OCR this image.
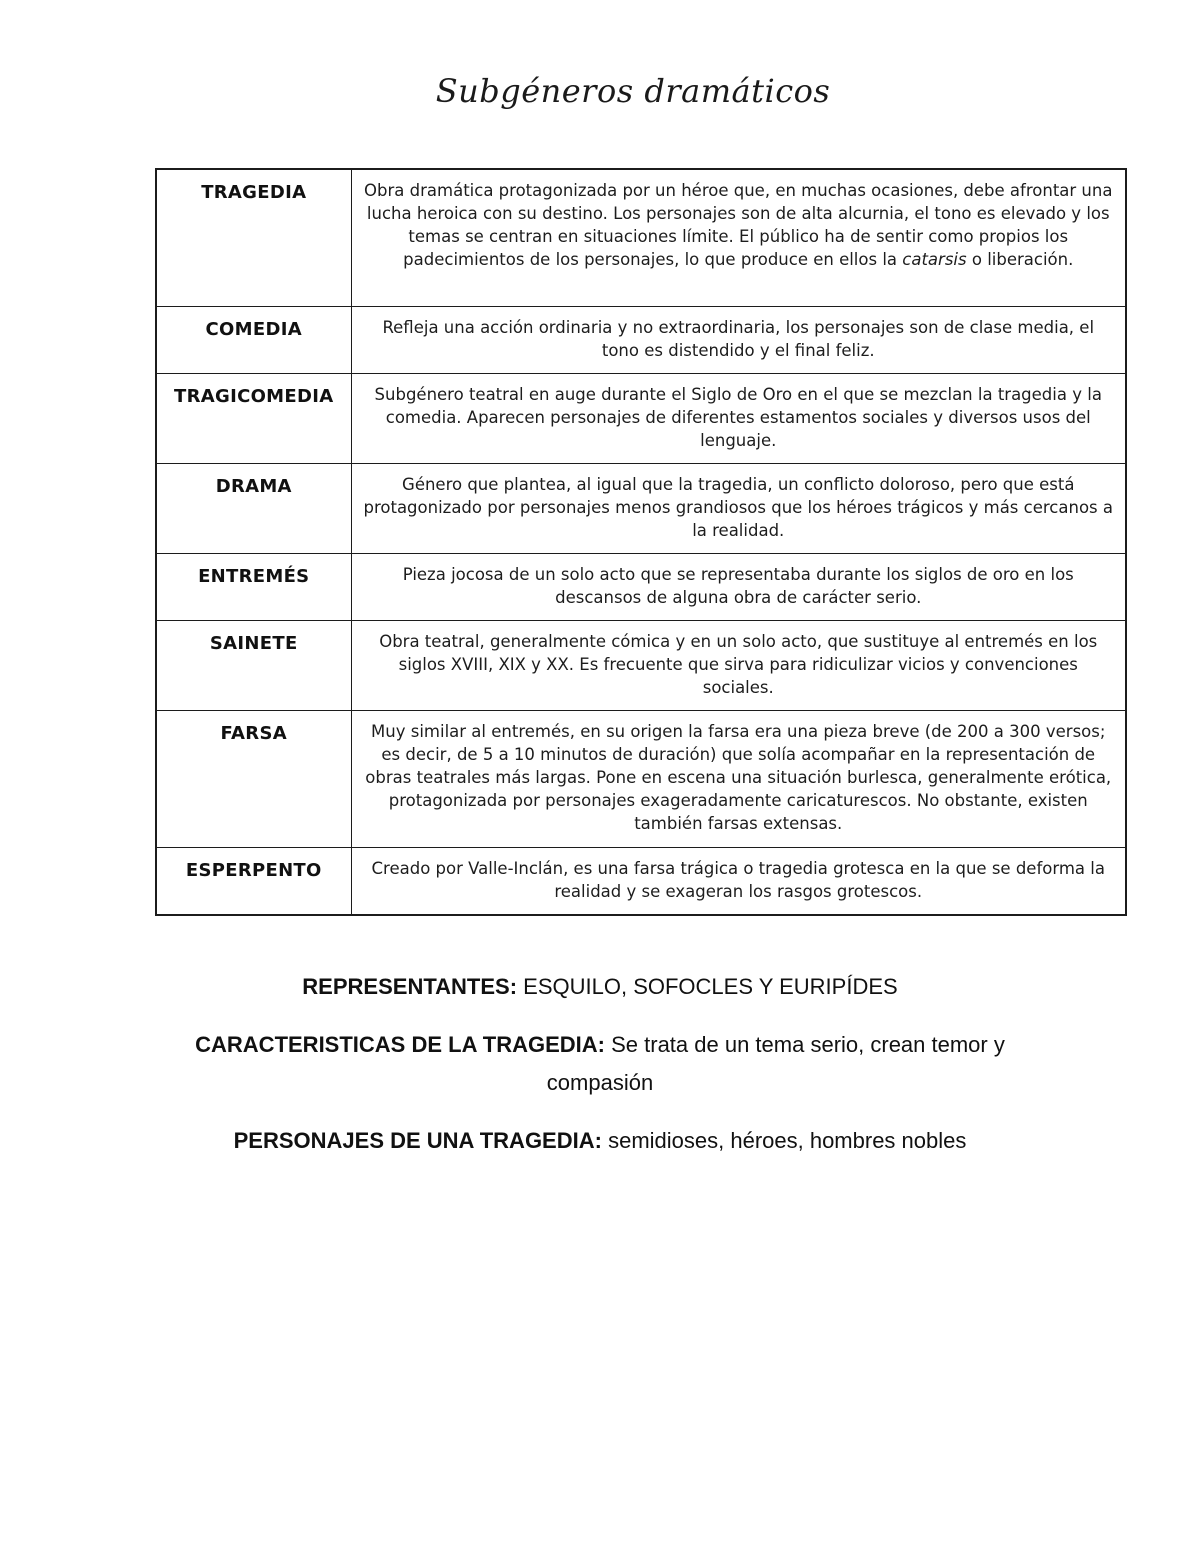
Subgéneros dramáticos
TRAGEDIA	Obra dramática protagonizada por un héroe que, en muchas ocasiones, debe afrontar una lucha heroica con su destino. Los personajes son de alta alcurnia, el tono es elevado y los temas se centran en situaciones límite. El público ha de sentir como propios los padecimientos de los personajes, lo que produce en ellos la catarsis o liberación.
COMEDIA	Refleja una acción ordinaria y no extraordinaria, los personajes son de clase media, el tono es distendido y el final feliz.
TRAGICOMEDIA	Subgénero teatral en auge durante el Siglo de Oro en el que se mezclan la tragedia y la comedia. Aparecen personajes de diferentes estamentos sociales y diversos usos del lenguaje.
DRAMA	Género que plantea, al igual que la tragedia, un conflicto doloroso, pero que está protagonizado por personajes menos grandiosos que los héroes trágicos y más cercanos a la realidad.
ENTREMÉS	Pieza jocosa de un solo acto que se representaba durante los siglos de oro en los descansos de alguna obra de carácter serio.
SAINETE	Obra teatral, generalmente cómica y en un solo acto, que sustituye al entremés en los siglos XVIII, XIX y XX. Es frecuente que sirva para ridiculizar vicios y convenciones sociales.
FARSA	Muy similar al entremés, en su origen la farsa era una pieza breve (de 200 a 300 versos; es decir, de 5 a 10 minutos de duración) que solía acompañar en la representación de obras teatrales más largas. Pone en escena una situación burlesca, generalmente erótica, protagonizada por personajes exageradamente caricaturescos. No obstante, existen también farsas extensas.
ESPERPENTO	Creado por Valle-Inclán, es una farsa trágica o tragedia grotesca en la que se deforma la realidad y se exageran los rasgos grotescos.

REPRESENTANTES: ESQUILO, SOFOCLES Y EURIPÍDES

CARACTERISTICAS DE LA TRAGEDIA: Se trata de un tema serio, crean temor y compasión

PERSONAJES DE UNA TRAGEDIA: semidioses, héroes, hombres nobles
